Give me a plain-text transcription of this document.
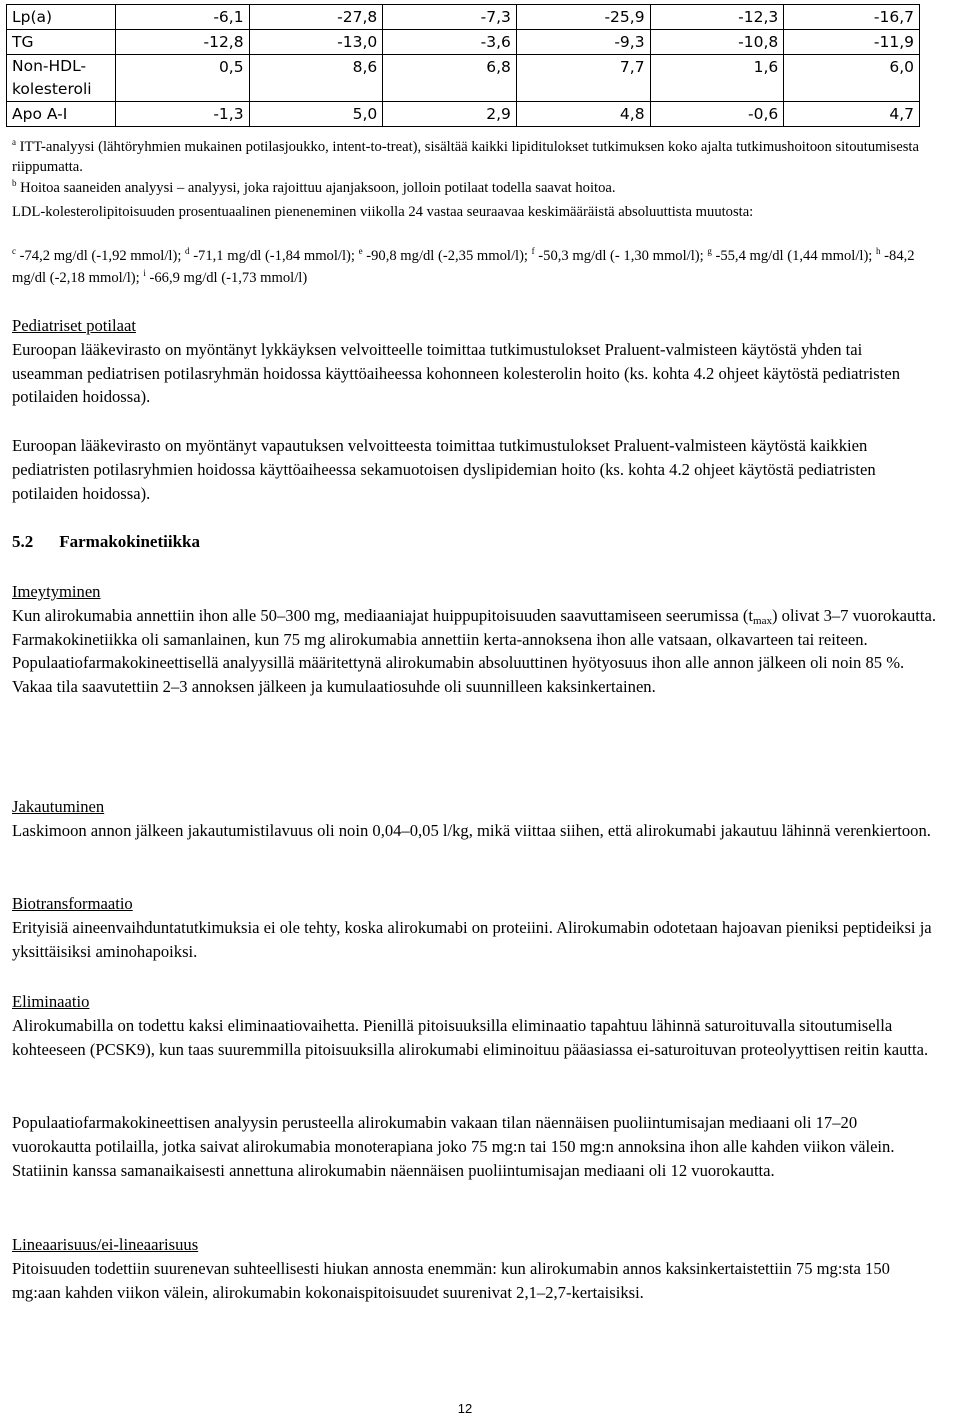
Lp(a)	-6,1	-27,8	-7,3	-25,9	-12,3	-16,7
TG	-12,8	-13,0	-3,6	-9,3	-10,8	-11,9
Non-HDL-kolesteroli	0,5	8,6	6,8	7,7	1,6	6,0
Apo A-I	-1,3	5,0	2,9	4,8	-0,6	4,7
$^a$ ITT-analyysi (lähtöryhmien mukainen potilasjoukko, intent-to-treat), sisältää kaikki lipiditulokset tutkimuksen koko ajalta tutkimushoitoon sitoutumisesta riippumatta.
$^b$ Hoitoa saaneiden analyysi – analyysi, joka rajoittuu ajanjaksoon, jolloin potilaat todella saavat hoitoa.
LDL-kolesterolipitoisuuden prosentuaalinen pieneneminen viikolla 24 vastaa seuraavaa keskimääräistä absoluuttista muutosta:
$^c$ -74,2 mg/dl (-1,92 mmol/l); $^d$ -71,1 mg/dl (-1,84 mmol/l); $^e$ -90,8 mg/dl (-2,35 mmol/l); $^f$ -50,3 mg/dl (- 1,30 mmol/l); $^g$ -55,4 mg/dl (1,44 mmol/l); $^h$ -84,2 mg/dl (-2,18 mmol/l); $^i$ -66,9 mg/dl (-1,73 mmol/l)

Pediatriset potilaat

Euroopan lääkevirasto on myöntänyt lykkäyksen velvoitteelle toimittaa tutkimustulokset Praluent-valmisteen käytöstä yhden tai useamman pediatrisen potilasryhmän hoidossa käyttöaiheessa kohonneen kolesterolin hoito (ks. kohta 4.2 ohjeet käytöstä pediatristen potilaiden hoidossa).

Euroopan lääkevirasto on myöntänyt vapautuksen velvoitteesta toimittaa tutkimustulokset Praluent-valmisteen käytöstä kaikkien pediatristen potilasryhmien hoidossa käyttöaiheessa sekamuotoisen dyslipidemian hoito (ks. kohta 4.2 ohjeet käytöstä pediatristen potilaiden hoidossa).

5.2 Farmakokinetiikka

Imeytyminen

Kun alirokumabia annettiin ihon alle 50–300 mg, mediaaniajat huippupitoisuuden saavuttamiseen seerumissa $(t_{max})$ olivat 3–7 vuorokautta.

Farmakokinetiikka oli samanlainen, kun 75 mg alirokumabia annettiin kerta-annoksena ihon alle vatsaan, olkavarteen tai reiteen.

Populaatiofarmakokineettisellä analyysillä määritettynä alirokumabin absoluuttinen hyötyosuus ihon alle annon jälkeen oli noin 85 %.

Vakaa tila saavutettiin 2–3 annoksen jälkeen ja kumulaatiosuhde oli suunnilleen kaksinkertainen.

Jakautuminen

Laskimoon annon jälkeen jakautumistilavuus oli noin 0,04–0,05 l/kg, mikä viittaa siihen, että alirokumabi jakautuu lähinnä verenkiertoon.

Biotransformaatio

Erityisiä aineenvaihduntatutkimuksia ei ole tehty, koska alirokumabi on proteiini. Alirokumabin odotetaan hajoavan pieniksi peptideiksi ja yksittäisiksi aminohapoiksi.

Eliminaatio

Alirokumabilla on todettu kaksi eliminaatiovaihetta. Pienillä pitoisuuksilla eliminaatio tapahtuu lähinnä saturoituvalla sitoutumisella kohteeseen (PCSK9), kun taas suuremmilla pitoisuuksilla alirokumabi eliminoituu pääasiassa ei-saturoituvan proteolyyttisen reitin kautta.

Populaatiofarmakokineettisen analyysin perusteella alirokumabin vakaan tilan näennäisen puoliintumisajan mediaani oli 17–20 vuorokautta potilailla, jotka saivat alirokumabia monoterapiana joko 75 mg:n tai 150 mg:n annoksina ihon alle kahden viikon välein. Statiinin kanssa samanaikaisesti annettuna alirokumabin näennäisen puoliintumisajan mediaani oli 12 vuorokautta.

Lineaarisuus/ei-lineaarisuus

Pitoisuuden todettiin suurenevan suhteellisesti hiukan annosta enemmän: kun alirokumabin annos kaksinkertaistettiin 75 mg:sta 150 mg:aan kahden viikon välein, alirokumabin kokonaispitoisuudet suurenivat 2,1–2,7-kertaisiksi.

12
